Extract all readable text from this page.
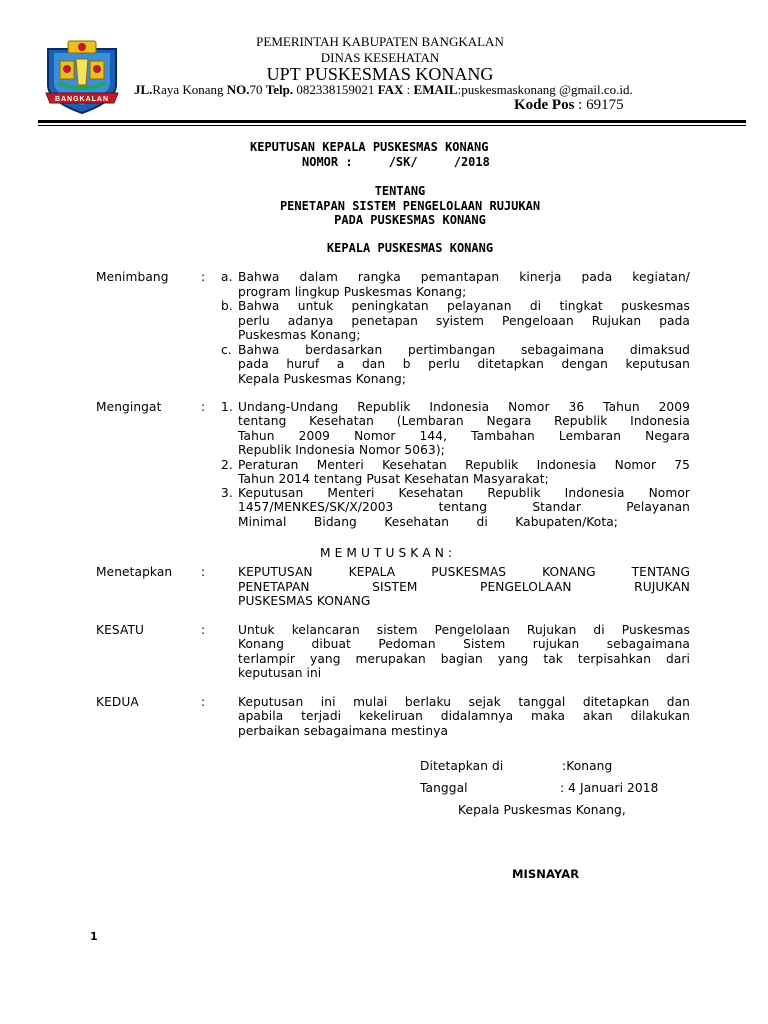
BANGKALAN
PEMERINTAH KABUPATEN BANGKALAN
DINAS KESEHATAN
UPT PUSKESMAS KONANG
JL.Raya Konang NO.70 Telp. 082338159021 FAX : EMAIL:puskesmaskonang @gmail.co.id.
Kode Pos : 69175
KEPUTUSAN KEPALA PUSKESMAS KONANG
NOMOR :     /SK/     /2018
TENTANG
PENETAPAN SISTEM PENGELOLAAN RUJUKAN
PADA PUSKESMAS KONANG
KEPALA PUSKESMAS KONANG
Menimbang	: a. Bahwa dalam rangka pemantapan kinerja pada kegiatan/
program lingkup Puskesmas Konang;
b. Bahwa untuk peningkatan pelayanan di tingkat puskesmas
perlu adanya penetapan syistem Pengeloaan Rujukan pada
Puskesmas Konang;
c. Bahwa berdasarkan pertimbangan sebagaimana dimaksud
pada huruf a dan b perlu ditetapkan dengan keputusan
Kepala Puskesmas Konang;
Mengingat	: 1. Undang-Undang Republik Indonesia Nomor 36 Tahun 2009
tentang Kesehatan (Lembaran Negara Republik Indonesia
Tahun 2009 Nomor 144, Tambahan Lembaran Negara
Republik Indonesia Nomor 5063);
2. Peraturan Menteri Kesehatan Republik Indonesia Nomor 75
Tahun 2014 tentang Pusat Kesehatan Masyarakat;
3. Keputusan Menteri Kesehatan Republik Indonesia Nomor
1457/MENKES/SK/X/2003 tentang Standar Pelayanan
Minimal Bidang Kesehatan di Kabupaten/Kota;
M E M U T U S K A N :
Menetapkan :	KEPUTUSAN KEPALA PUSKESMAS KONANG TENTANG
PENETAPAN SISTEM PENGELOLAAN RUJUKAN
PUSKESMAS KONANG
KESATU	:	Untuk kelancaran sistem Pengelolaan Rujukan di Puskesmas
Konang dibuat Pedoman Sistem rujukan sebagaimana
terlampir yang merupakan bagian yang tak terpisahkan dari
keputusan ini
KEDUA	:	Keputusan ini mulai berlaku sejak tanggal ditetapkan dan
apabila terjadi kekeliruan didalamnya maka akan dilakukan
perbaikan sebagaimana mestinya
Ditetapkan di	:Konang
Tanggal	: 4 Januari 2018
Kepala Puskesmas Konang,
MISNAYAR
1
